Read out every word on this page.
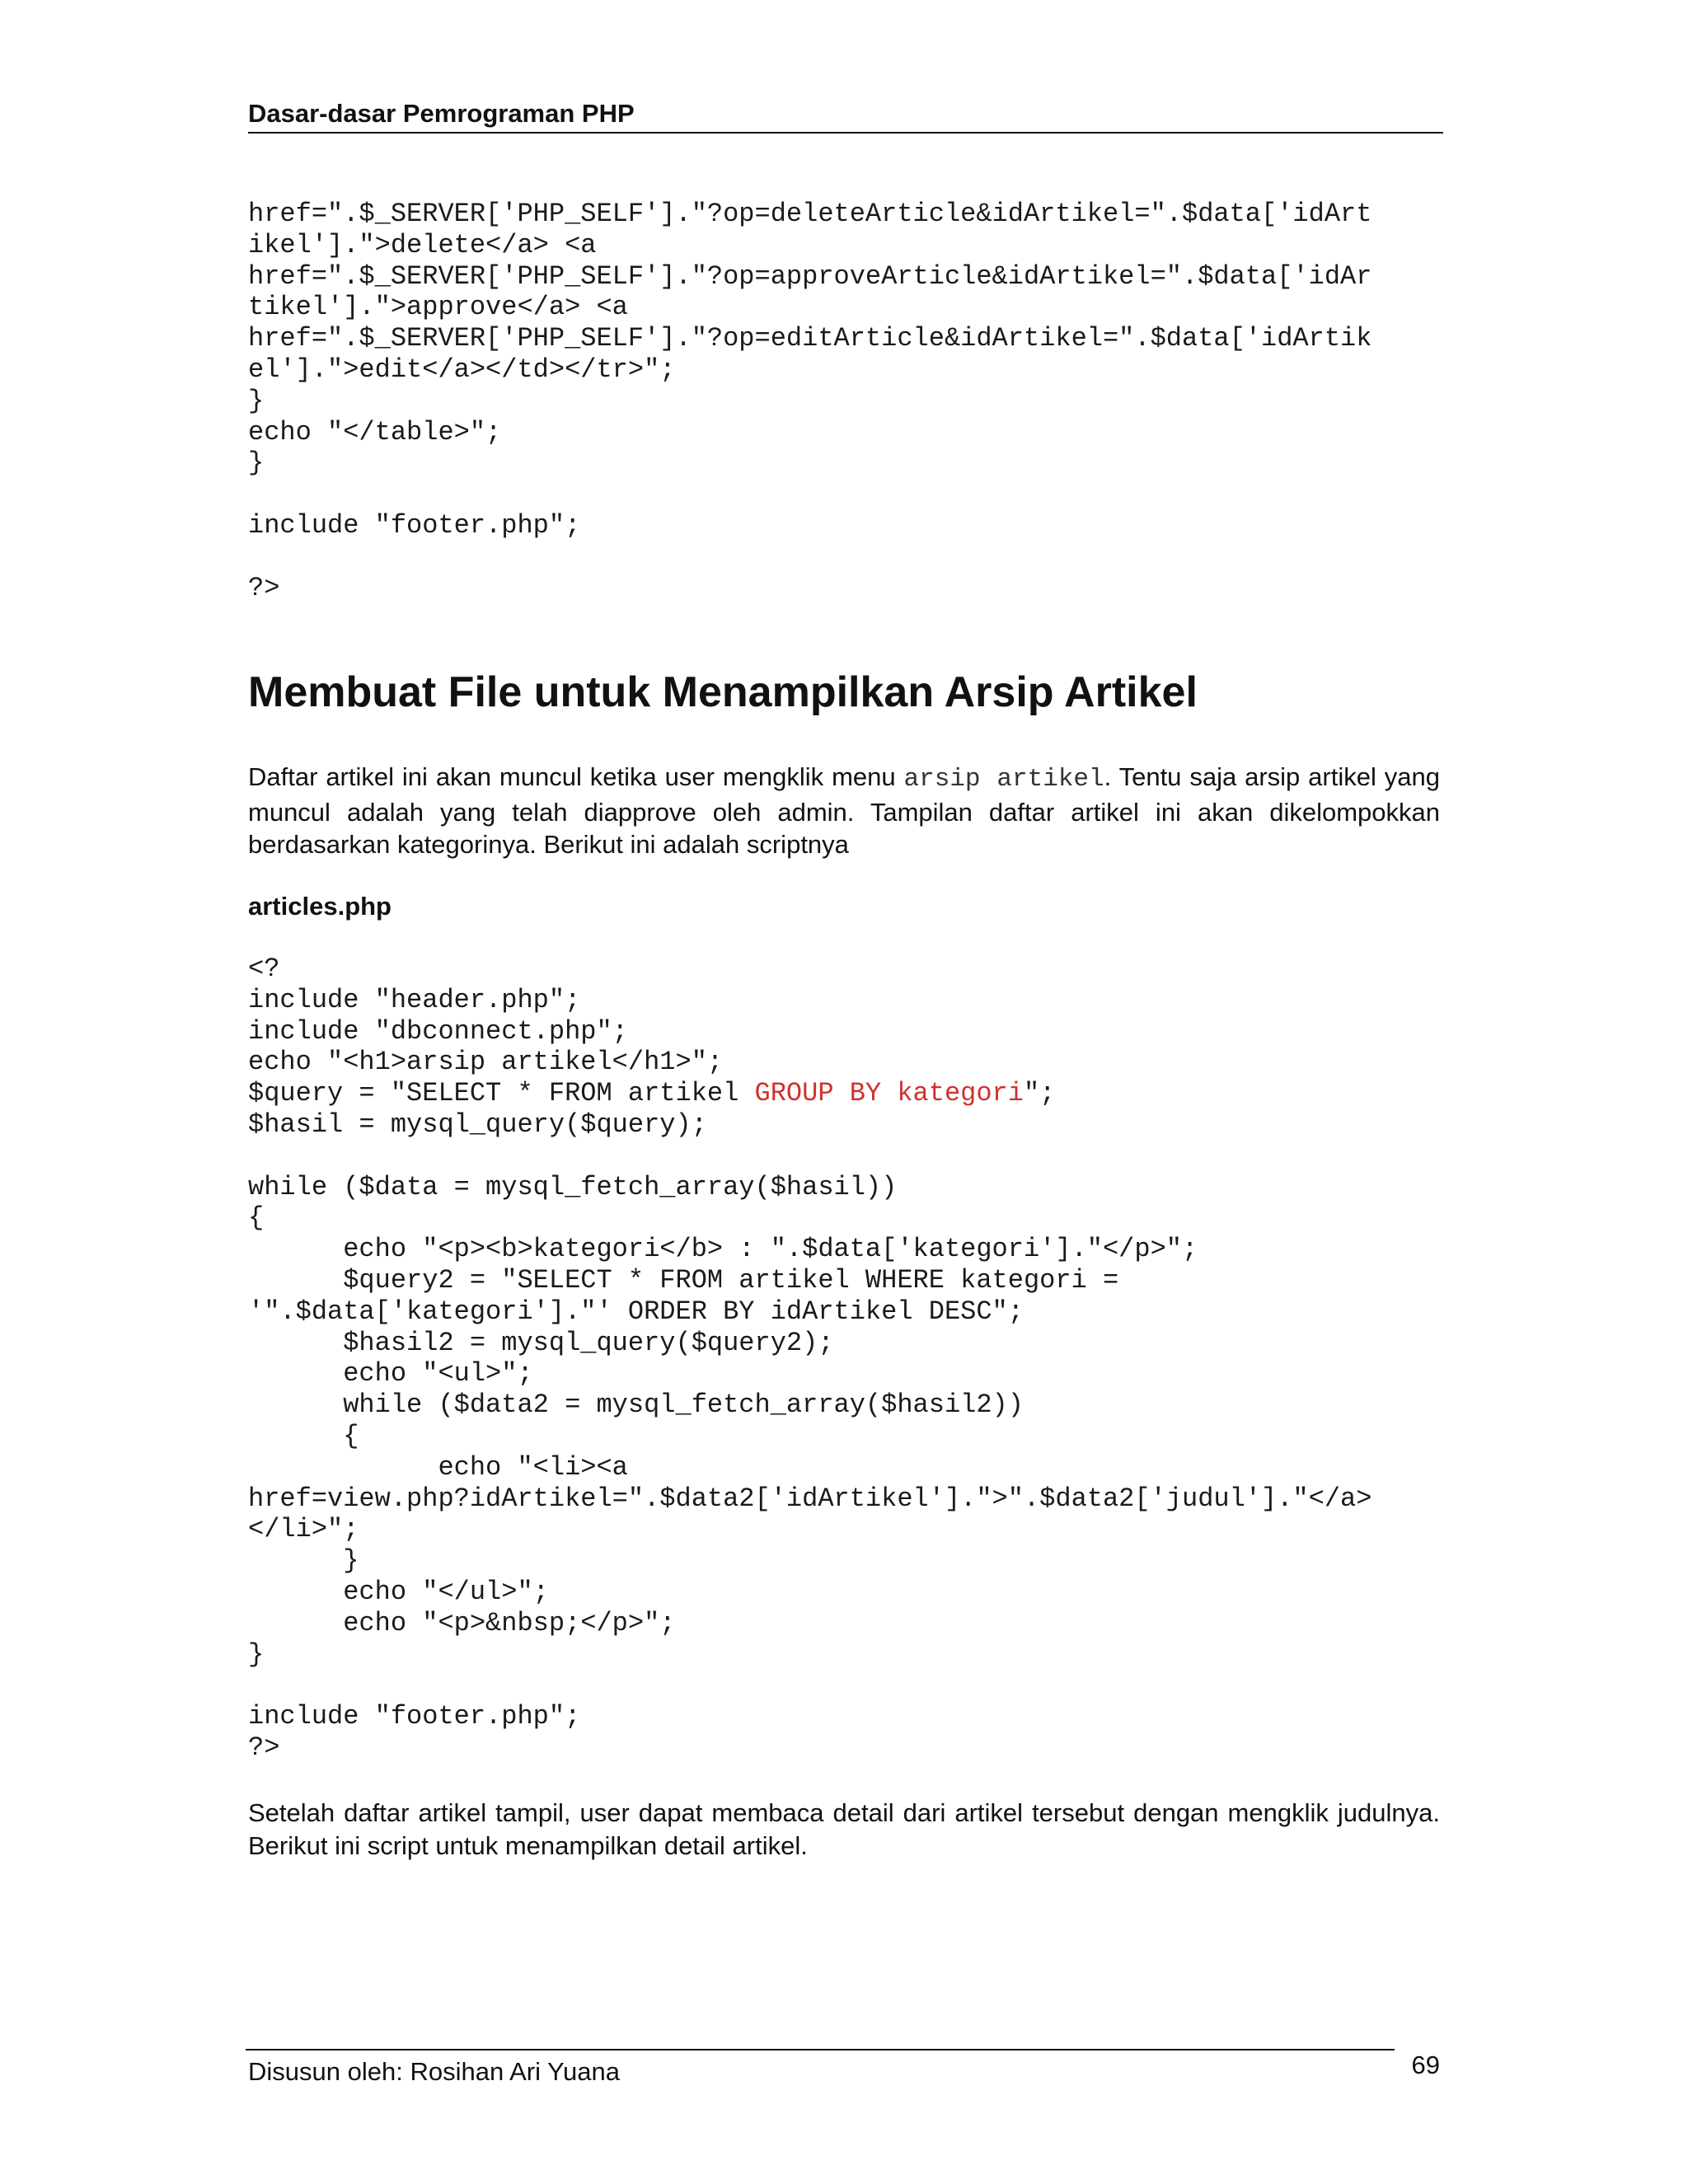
Dasar-dasar Pemrograman PHP
href=".$_SERVER['PHP_SELF']."?op=deleteArticle&idArtikel=".$data['idArt
ikel'].">delete</a> <a
href=".$_SERVER['PHP_SELF']."?op=approveArticle&idArtikel=".$data['idAr
tikel'].">approve</a> <a
href=".$_SERVER['PHP_SELF']."?op=editArticle&idArtikel=".$data['idArtik
el'].">edit</a></td></tr>";
}
echo "</table>";
}
include "footer.php";
?>
Membuat File untuk Menampilkan Arsip Artikel

Daftar artikel ini akan muncul ketika user mengklik menu arsip artikel. Tentu saja arsip artikel yang muncul adalah yang telah diapprove oleh admin. Tampilan daftar artikel ini akan dikelompokkan berdasarkan kategorinya. Berikut ini adalah scriptnya

articles.php
<?
include "header.php";
include "dbconnect.php";
echo "<h1>arsip artikel</h1>";
$query = "SELECT * FROM artikel GROUP BY kategori";
$hasil = mysql_query($query);
while ($data = mysql_fetch_array($hasil))
{
echo "<p><b>kategori</b> : ".$data['kategori']."</p>";
$query2 = "SELECT * FROM artikel WHERE kategori =
'".$data['kategori']."' ORDER BY idArtikel DESC";
$hasil2 = mysql_query($query2);
echo "<ul>";
while ($data2 = mysql_fetch_array($hasil2))
{
echo "<li><a
href=view.php?idArtikel=".$data2['idArtikel'].">".$data2['judul']."</a>
</li>";
}
echo "</ul>";
echo "<p>&nbsp;</p>";
}
include "footer.php";
?>

Setelah daftar artikel tampil, user dapat membaca detail dari artikel tersebut dengan mengklik judulnya. Berikut ini script untuk menampilkan detail artikel.

Disusun oleh: Rosihan Ari Yuana	69
